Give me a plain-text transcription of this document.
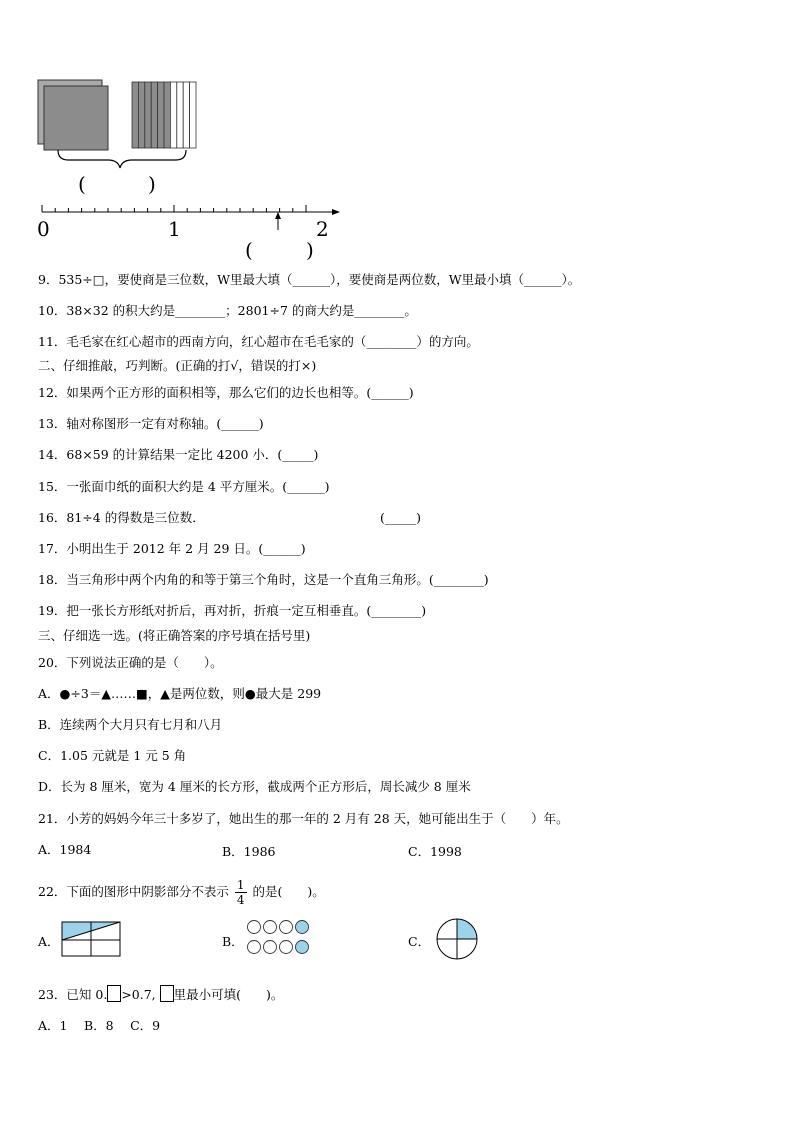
(	)
0	1	2
(	)
9．535÷□，要使商是三位数，W里最大填（______），要使商是两位数，W里最小填（______）。
10．38×32 的积大约是________；2801÷7 的商大约是________。
11．毛毛家在红心超市的西南方向，红心超市在毛毛家的（________）的方向。
二、仔细推敲，巧判断。(正确的打√，错误的打×)
12．如果两个正方形的面积相等，那么它们的边长也相等。(______)
13．轴对称图形一定有对称轴。(______)
14．68×59 的计算结果一定比 4200 小．(_____)
15．一张面巾纸的面积大约是 4 平方厘米。(______)
16．81÷4 的得数是三位数．	(_____)
17．小明出生于 2012 年 2 月 29 日。(______)
18．当三角形中两个内角的和等于第三个角时，这是一个直角三角形。(________)
19．把一张长方形纸对折后，再对折，折痕一定互相垂直。(________)
三、仔细选一选。(将正确答案的序号填在括号里)
20．下列说法正确的是（　　）。
A．●÷3＝▲……■，▲是两位数，则●最大是 299
B．连续两个大月只有七月和八月
C．1.05 元就是 1 元 5 角
D．长为 8 厘米，宽为 4 厘米的长方形，截成两个正方形后，周长减少 8 厘米
21．小芳的妈妈今年三十多岁了，她出生的那一年的 2 月有 28 天，她可能出生于（　　）年。
A．1984	B．1986	C．1998
22．下面的图形中阴影部分不表示 $\frac{1}{4}$ 的是(　　)。
A．	B．	C．
23．已知 0. >0.7, 里最小可填(　　)。
A．1　 B．8　 C．9
